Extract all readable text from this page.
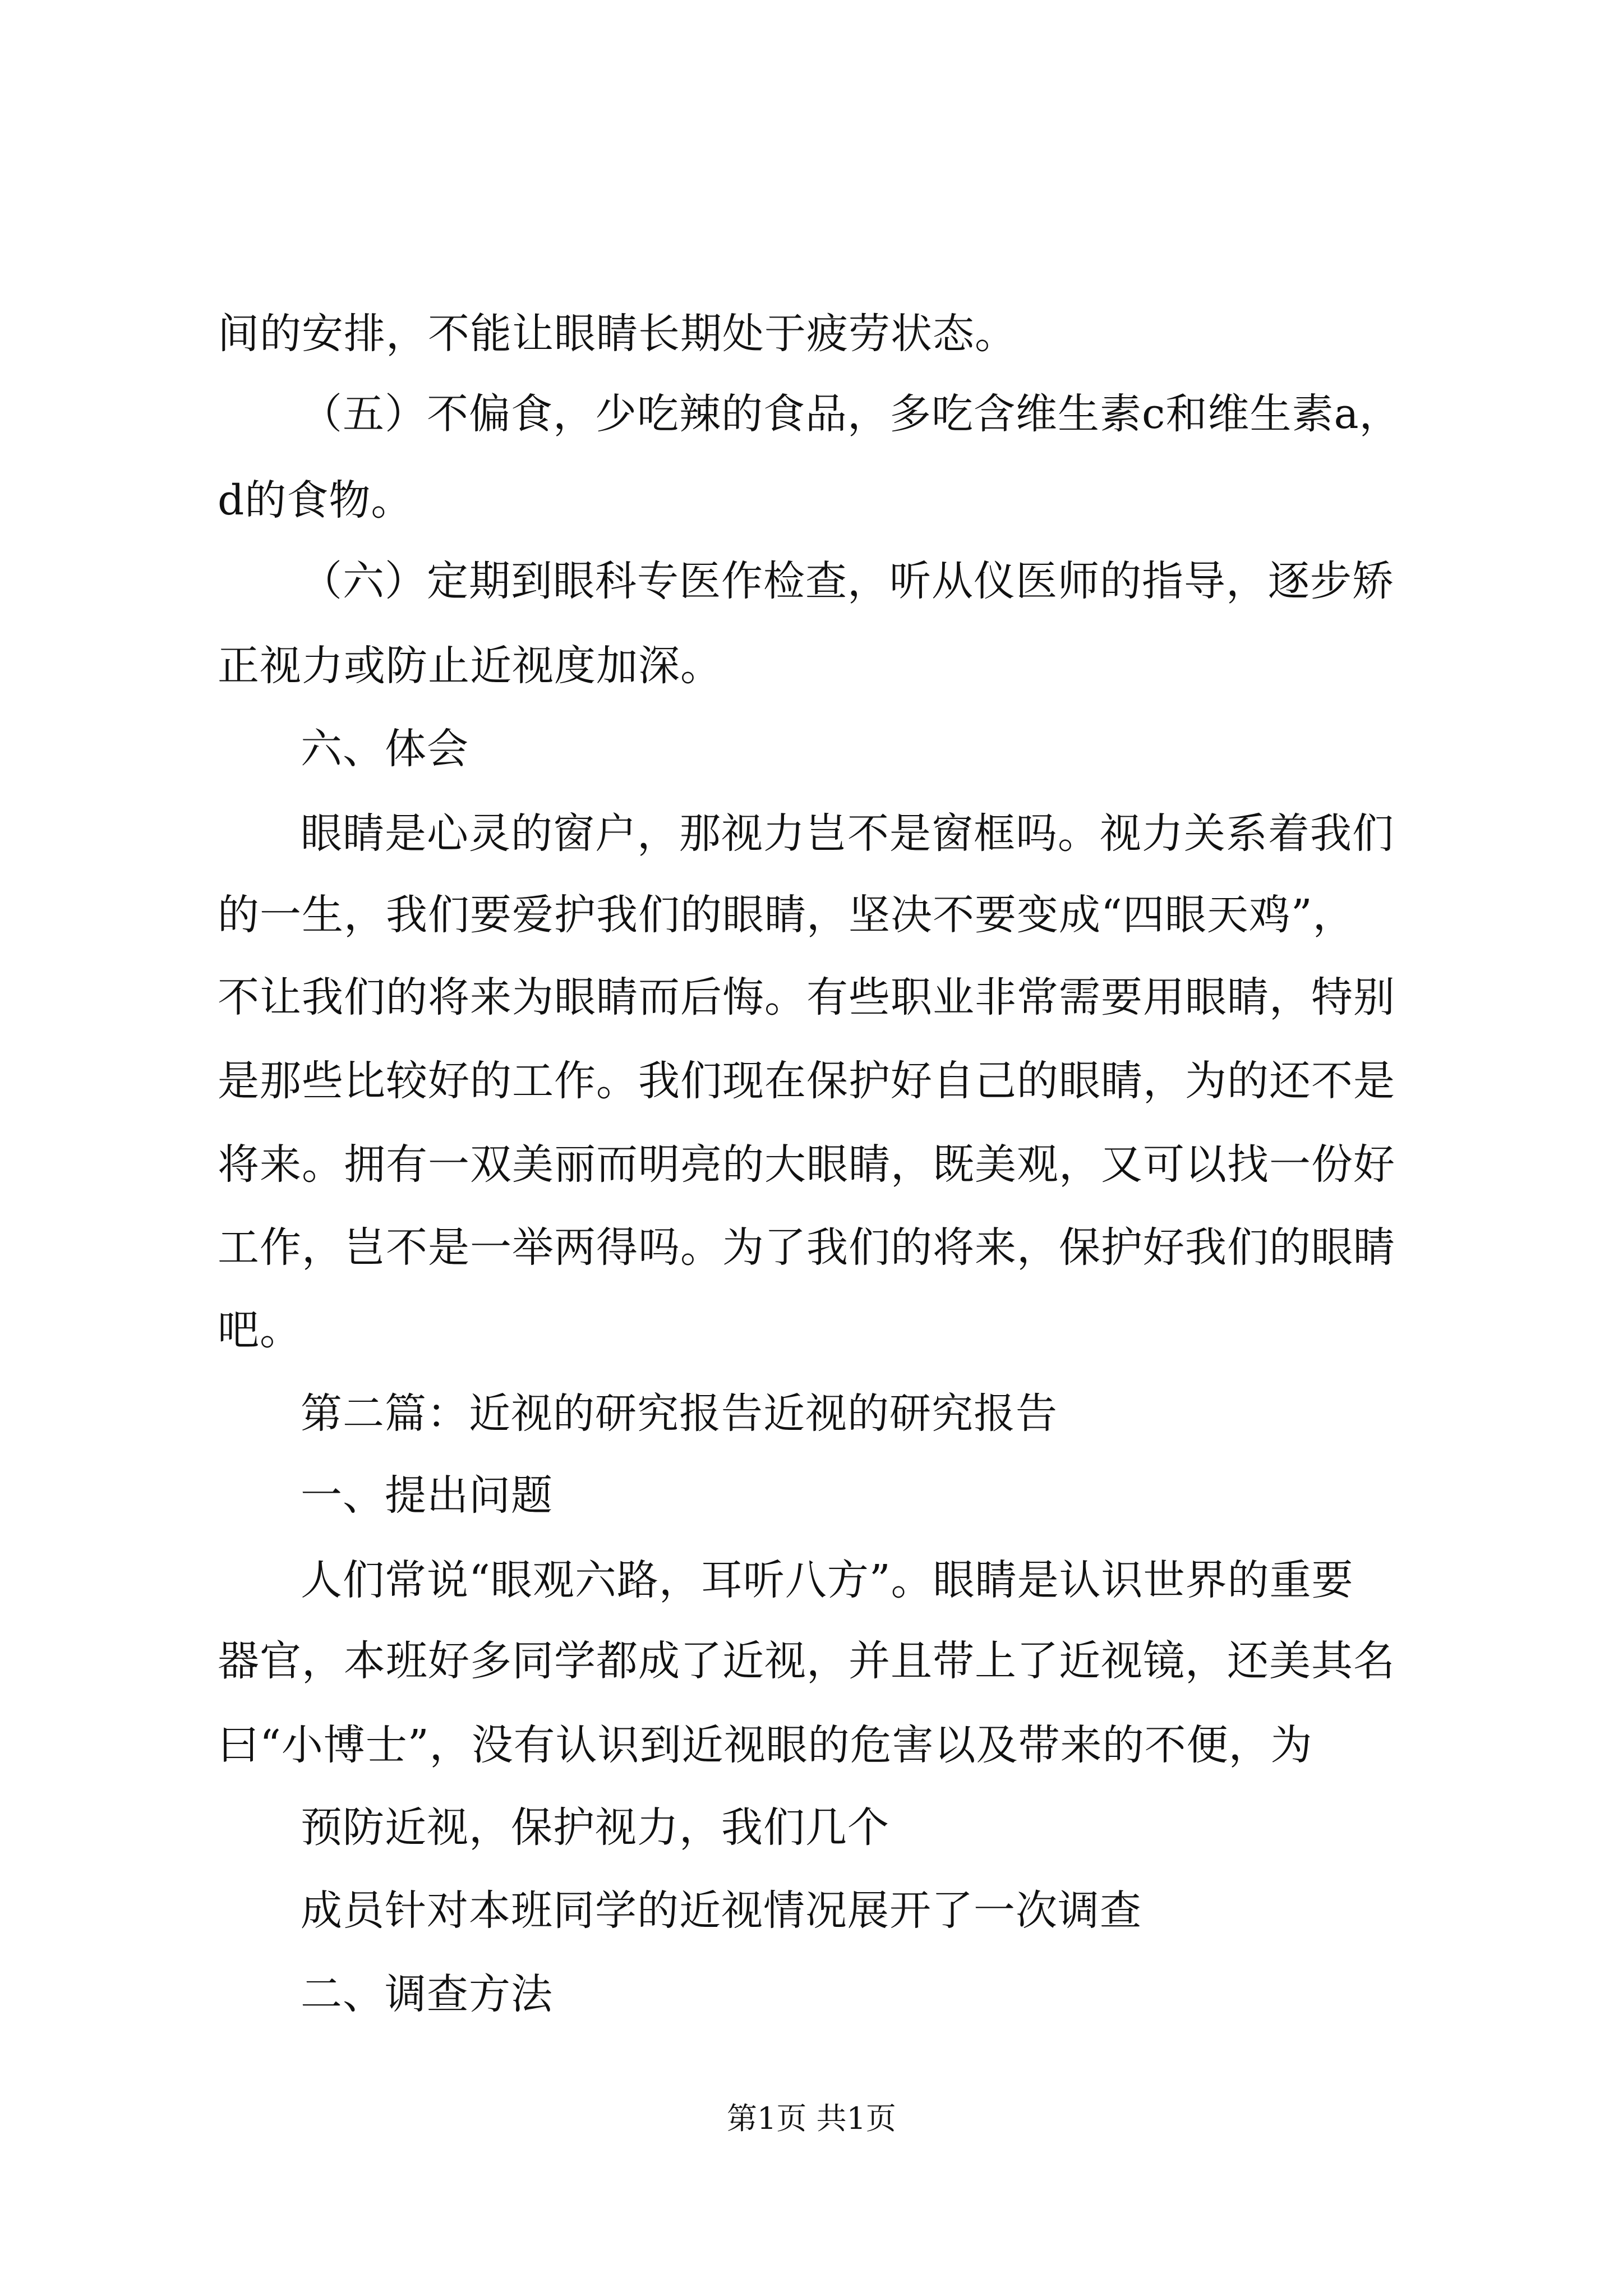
间的安排，不能让眼睛长期处于疲劳状态。
（五）不偏食，少吃辣的食品，多吃含维生素c和维生素a，
d的食物。
（六）定期到眼科专医作检查，听从仪医师的指导，逐步矫
正视力或防止近视度加深。
六、体会
眼睛是心灵的窗户，那视力岂不是窗框吗。视力关系着我们
的一生，我们要爱护我们的眼睛，坚决不要变成“四眼天鸡”，
不让我们的将来为眼睛而后悔。有些职业非常需要用眼睛，特别
是那些比较好的工作。我们现在保护好自己的眼睛，为的还不是
将来。拥有一双美丽而明亮的大眼睛，既美观，又可以找一份好
工作，岂不是一举两得吗。为了我们的将来，保护好我们的眼睛
吧。
第二篇：近视的研究报告近视的研究报告
一、提出问题
人们常说“眼观六路，耳听八方”。眼睛是认识世界的重要
器官，本班好多同学都成了近视，并且带上了近视镜，还美其名
曰“小博士”，没有认识到近视眼的危害以及带来的不便，为
预防近视，保护视力，我们几个
成员针对本班同学的近视情况展开了一次调查
二、调查方法
第1页 共1页
